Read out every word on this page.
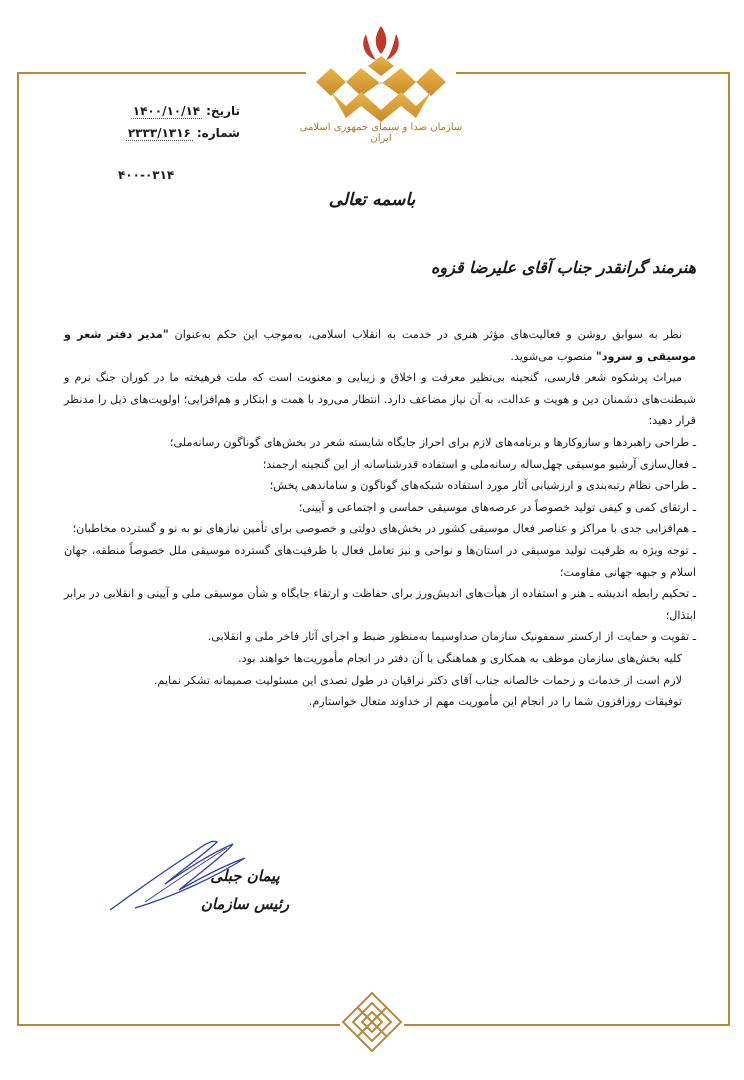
سازمان صدا و سیمای جمهوری اسلامی ایران
تاریخ:
۱۴۰۰/۱۰/۱۴
شماره:
۲۳۳۳/۱۳۱۶
۴۰۰-۰۳۱۴
باسمه تعالی
هنرمند گرانقدر جناب آقای علیرضا قزوه

نظر به سوابق روشن و فعالیت‌های مؤثر هنری در خدمت به انقلاب اسلامی، به‌موجب این حکم به‌عنوان "مدیر دفتر شعر و موسیقی و سرود" منصوب می‌شوید.

میراث پرشکوه شعر فارسی، گنجینه بی‌نظیر معرفت و اخلاق و زیبایی و معنویت است که ملت فرهیخته ما در کوران جنگ نرم و شیطنت‌های دشمنان دین و هویت و عدالت، به آن نیاز مضاعف دارد. انتظار می‌رود با همت و ابتکار و هم‌افزایی؛ اولویت‌های ذیل را مدنظر قرار دهید:

ـ طراحی راهبردها و سازوکارها و برنامه‌های لازم برای احراز جایگاه شایسته شعر در بخش‌های گوناگون رسانه‌ملی؛

ـ فعال‌سازی آرشیو موسیقی چهل‌ساله رسانه‌ملی و استفاده قدرشناسانه از این گنجینه ارجمند؛

ـ طراحی نظام رتبه‌بندی و ارزشیابی آثار مورد استفاده شبکه‌های گوناگون و ساماندهی پخش؛

ـ ارتقای کمی و کیفی تولید خصوصاً در عرصه‌های موسیقی حماسی و اجتماعی و آیینی؛

ـ هم‌افزایی جدی با مراکز و عناصر فعال موسیقی کشور در بخش‌های دولتی و خصوصی برای تأمین نیازهای نو به نو و گسترده مخاطبان؛

ـ توجه ویژه به ظرفیت تولید موسیقی در استان‌ها و نواحی و نیز تعامل فعال با ظرفیت‌های گسترده موسیقی ملل خصوصاً منطقه، جهان اسلام و جبهه جهانی مقاومت؛

ـ تحکیم رابطه اندیشه ـ هنر و استفاده از هیأت‌های اندیش‌ورز برای حفاظت و ارتقاء جایگاه و شأن موسیقی ملی و آیینی و انقلابی در برابر ابتذال؛

ـ تقویت و حمایت از ارکستر سمفونیک سازمان صداوسیما به‌منظور ضبط و اجرای آثار فاخر ملی و انقلابی.

کلیه بخش‌های سازمان موظف به همکاری و هماهنگی با آن دفتر در انجام مأموریت‌ها خواهند بود.

لازم است از خدمات و زحمات خالصانه جناب آقای دکتر نراقیان در طول تصدی این مسئولیت صمیمانه تشکر نمایم.

توفیقات روزافزون شما را در انجام این مأموریت مهم از خداوند متعال خواستارم.

پیمان جبلی
رئیس سازمان
